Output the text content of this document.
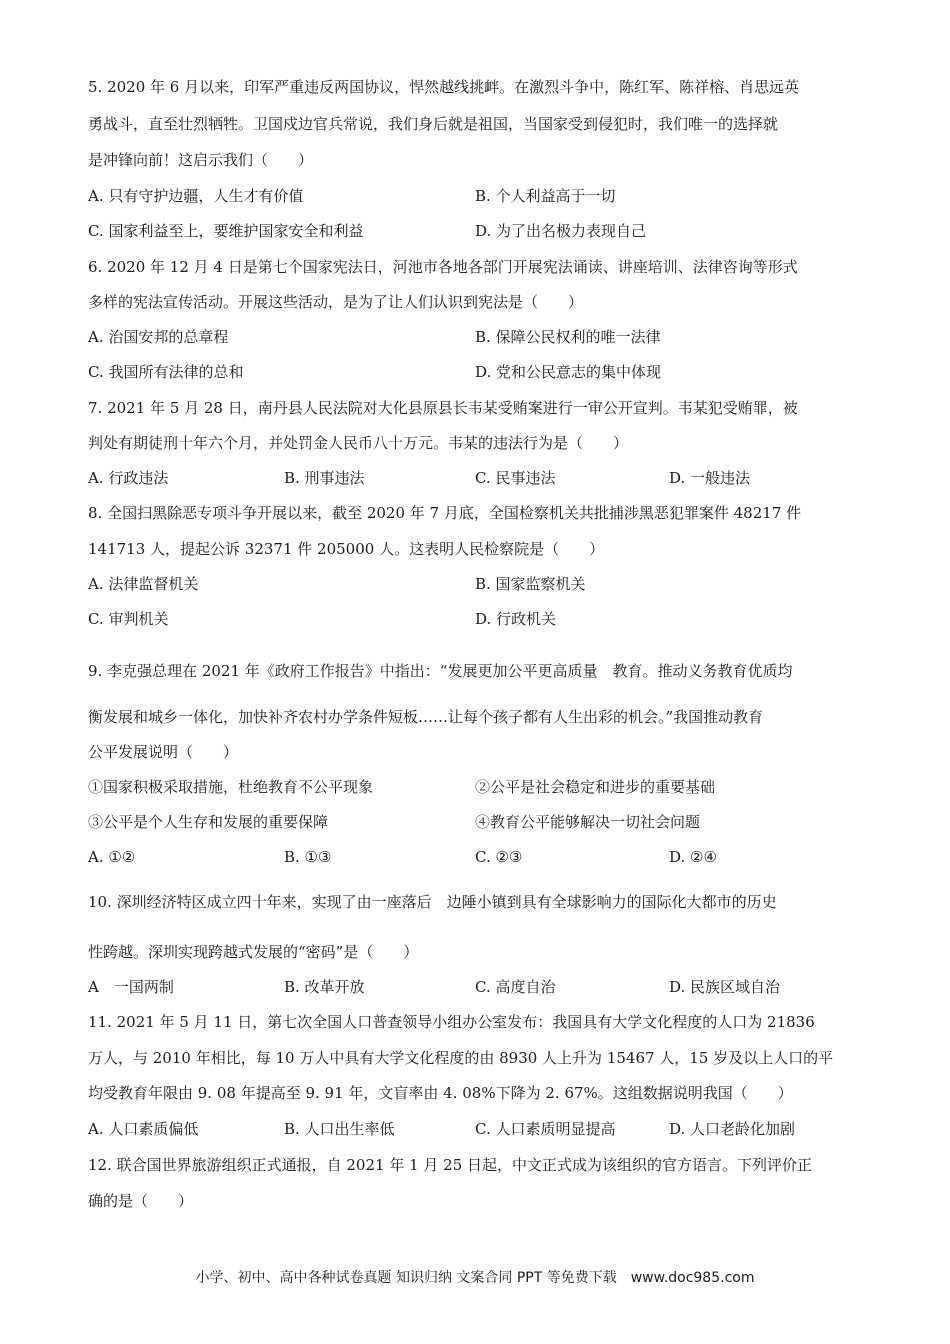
5. 2020 年 6 月以来，印军严重违反两国协议，悍然越线挑衅。在激烈斗争中，陈红军、陈祥榕、肖思远英
勇战斗，直至壮烈牺牲。卫国戍边官兵常说，我们身后就是祖国，当国家受到侵犯时，我们唯一的选择就
是冲锋向前！这启示我们（　　）
A. 只有守护边疆，人生才有价值	B. 个人利益高于一切
C. 国家利益至上，要维护国家安全和利益	D. 为了出名极力表现自己
6. 2020 年 12 月 4 日是第七个国家宪法日，河池市各地各部门开展宪法诵读、讲座培训、法律咨询等形式
多样的宪法宣传活动。开展这些活动，是为了让人们认识到宪法是（　　）
A. 治国安邦的总章程	B. 保障公民权利的唯一法律
C. 我国所有法律的总和	D. 党和公民意志的集中体现
7. 2021 年 5 月 28 日，南丹县人民法院对大化县原县长韦某受贿案进行一审公开宣判。韦某犯受贿罪，被
判处有期徒刑十年六个月，并处罚金人民币八十万元。韦某的违法行为是（　　）
A. 行政违法	B. 刑事违法	C. 民事违法	D. 一般违法
8. 全国扫黑除恶专项斗争开展以来，截至 2020 年 7 月底，全国检察机关共批捕涉黑恶犯罪案件 48217 件
141713 人，提起公诉 32371 件 205000 人。这表明人民检察院是（　　）
A. 法律监督机关	B. 国家监察机关
C. 审判机关	D. 行政机关
9. 李克强总理在 2021 年《政府工作报告》中指出：“发展更加公平更高质量　教育。推动义务教育优质均
衡发展和城乡一体化，加快补齐农村办学条件短板……让每个孩子都有人生出彩的机会。”我国推动教育
公平发展说明（　　）
①国家积极采取措施，杜绝教育不公平现象	②公平是社会稳定和进步的重要基础
③公平是个人生存和发展的重要保障	④教育公平能够解决一切社会问题
A. ①②	B. ①③	C. ②③	D. ②④
10. 深圳经济特区成立四十年来，实现了由一座落后　边陲小镇到具有全球影响力的国际化大都市的历史
性跨越。深圳实现跨越式发展的“密码”是（　　）
A　一国两制	B. 改革开放	C. 高度自治	D. 民族区域自治
11. 2021 年 5 月 11 日，第七次全国人口普查领导小组办公室发布：我国具有大学文化程度的人口为 21836
万人，与 2010 年相比，每 10 万人中具有大学文化程度的由 8930 人上升为 15467 人，15 岁及以上人口的平
均受教育年限由 9. 08 年提高至 9. 91 年，文盲率由 4. 08%下降为 2. 67%。这组数据说明我国（　　）
A. 人口素质偏低	B. 人口出生率低	C. 人口素质明显提高	D. 人口老龄化加剧
12. 联合国世界旅游组织正式通报，自 2021 年 1 月 25 日起，中文正式成为该组织的官方语言。下列评价正
确的是（　　）
小学、初中、高中各种试卷真题 知识归纳 文案合同 PPT 等免费下载　www.doc985.com
